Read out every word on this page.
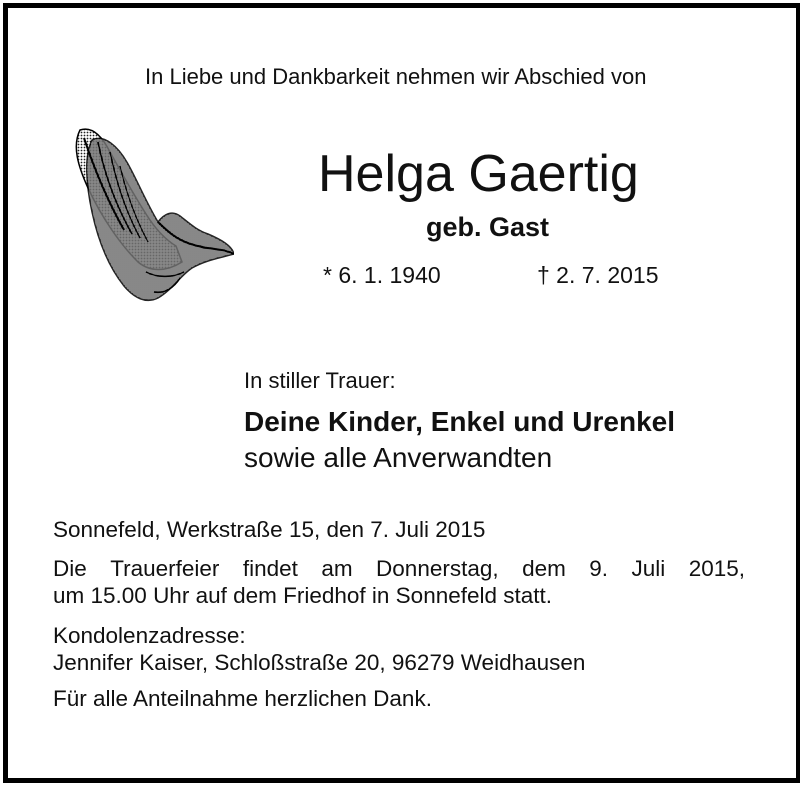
In Liebe und Dankbarkeit nehmen wir Abschied von
Helga Gaertig
geb. Gast
* 6. 1. 1940	† 2. 7. 2015
In stiller Trauer:
Deine Kinder, Enkel und Urenkel
sowie alle Anverwandten
Sonnefeld, Werkstraße 15, den 7. Juli 2015
Die Trauerfeier findet am Donnerstag, dem 9. Juli 2015,
um 15.00 Uhr auf dem Friedhof in Sonnefeld statt.
Kondolenzadresse:
Jennifer Kaiser, Schloßstraße 20, 96279 Weidhausen
Für alle Anteilnahme herzlichen Dank.
